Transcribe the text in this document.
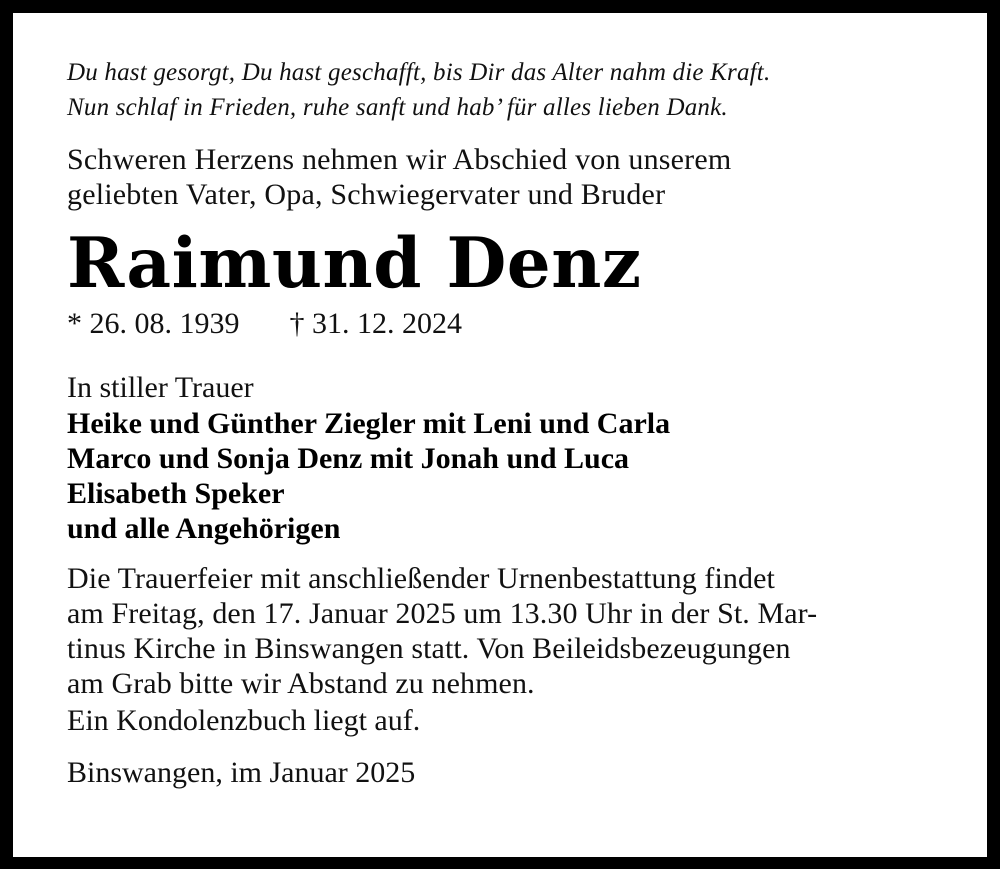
Du hast gesorgt, Du hast geschafft, bis Dir das Alter nahm die Kraft.
Nun schlaf in Frieden, ruhe sanft und hab’ für alles lieben Dank.

Schweren Herzens nehmen wir Abschied von unserem
geliebten Vater, Opa, Schwiegervater und Bruder

Raimund Denz

* 26. 08. 1939 † 31. 12. 2024

In stiller Trauer

Heike und Günther Ziegler mit Leni und Carla
Marco und Sonja Denz mit Jonah und Luca
Elisabeth Speker
und alle Angehörigen

Die Trauerfeier mit anschließender Urnenbestattung findet
am Freitag, den 17. Januar 2025 um 13.30 Uhr in der St. Mar-
tinus Kirche in Binswangen statt. Von Beileidsbezeugungen
am Grab bitte wir Abstand zu nehmen.

Ein Kondolenzbuch liegt auf.

Binswangen, im Januar 2025
